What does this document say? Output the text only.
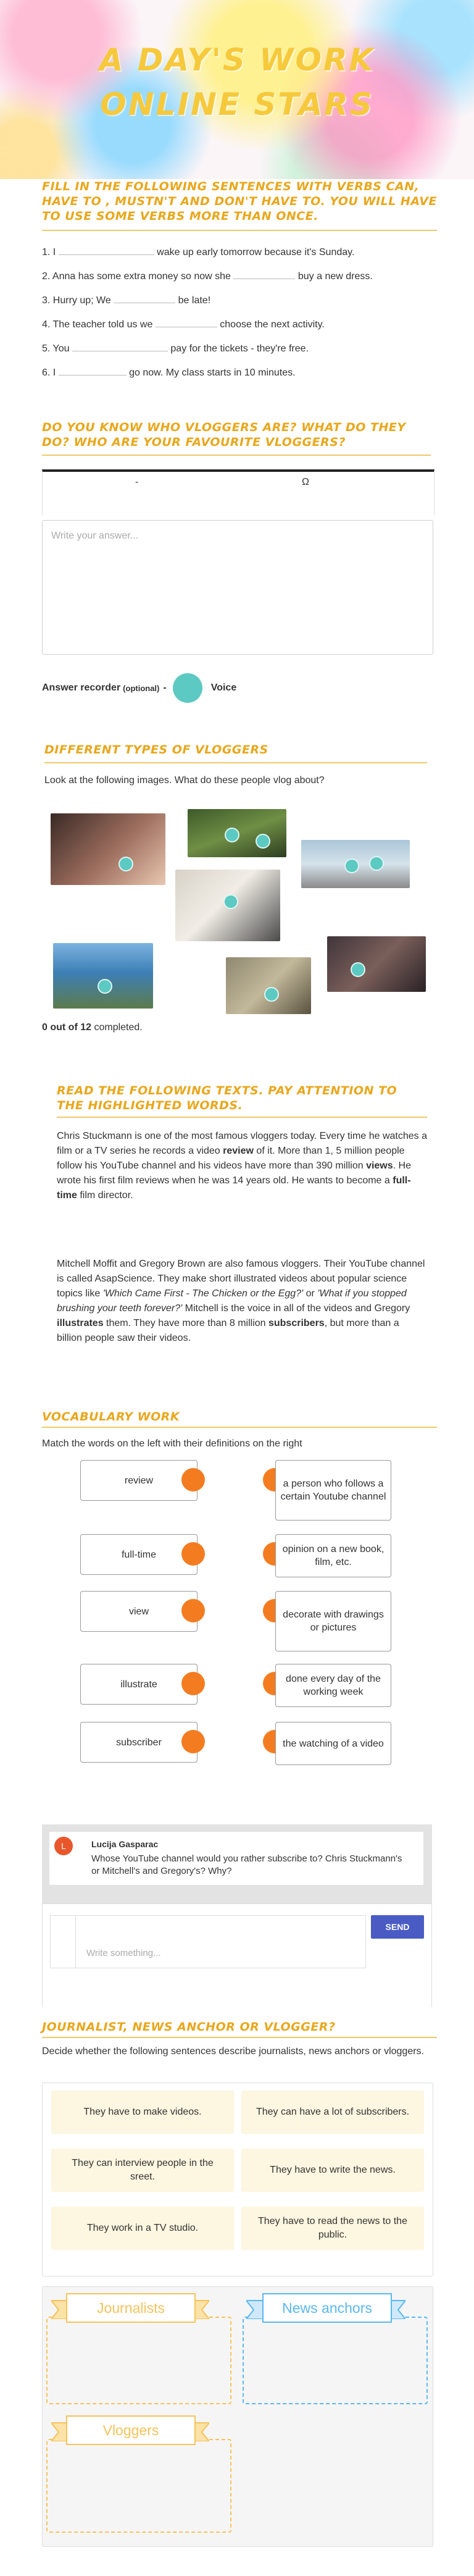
A DAY'S WORK
ONLINE STARS
FILL IN THE FOLLOWING SENTENCES WITH VERBS CAN, HAVE TO , MUSTN'T AND DON'T HAVE TO. YOU WILL HAVE TO USE SOME VERBS MORE THAN ONCE.
1. I	wake up early tomorrow because it's Sunday.
2. Anna has some extra money so now she	buy a new dress.
3. Hurry up; We	be late!
4. The teacher told us we	choose the next activity.
5. You	pay for the tickets - they're free.
6. I	go now. My class starts in 10 minutes.
DO YOU KNOW WHO VLOGGERS ARE? WHAT DO THEY DO? WHO ARE YOUR FAVOURITE VLOGGERS?
-	Ω
Write your answer...
Answer recorder (optional) -	Voice
DIFFERENT TYPES OF VLOGGERS
Look at the following images. What do these people vlog about?
0 out of 12 completed.
READ THE FOLLOWING TEXTS. PAY ATTENTION TO THE HIGHLIGHTED WORDS.
Chris Stuckmann is one of the most famous vloggers today. Every time he watches a film or a TV series he records a video review of it. More than 1, 5 million people follow his YouTube channel and his videos have more than 390 million views. He wrote his first film reviews when he was 14 years old. He wants to become a full-time film director.
Mitchell Moffit and Gregory Brown are also famous vloggers. Their YouTube channel is called AsapScience. They make short illustrated videos about popular science topics like 'Which Came First - The Chicken or the Egg?' or 'What if you stopped brushing your teeth forever?' Mitchell is the voice in all of the videos and Gregory illustrates them. They have more than 8 million subscribers, but more than a billion people saw their videos.
VOCABULARY WORK
Match the words on the left with their definitions on the right
review
full-time
view
illustrate
subscriber
a person who follows a certain Youtube channel
opinion on a new book, film, etc.
decorate with drawings or pictures
done every day of the working week
the watching of a video
L	Lucija Gasparac
Whose YouTube channel would you rather subscribe to? Chris Stuckmann's or Mitchell's and Gregory's? Why?
Write something...
SEND
JOURNALIST, NEWS ANCHOR OR VLOGGER?
Decide whether the following sentences describe journalists, news anchors or vloggers.
They have to make videos.	They can have a lot of subscribers.
They can interview people in the sreet.
They have to write the news.
They work in a TV studio.
They have to read the news to the public.
Journalists	News anchors
Vloggers
